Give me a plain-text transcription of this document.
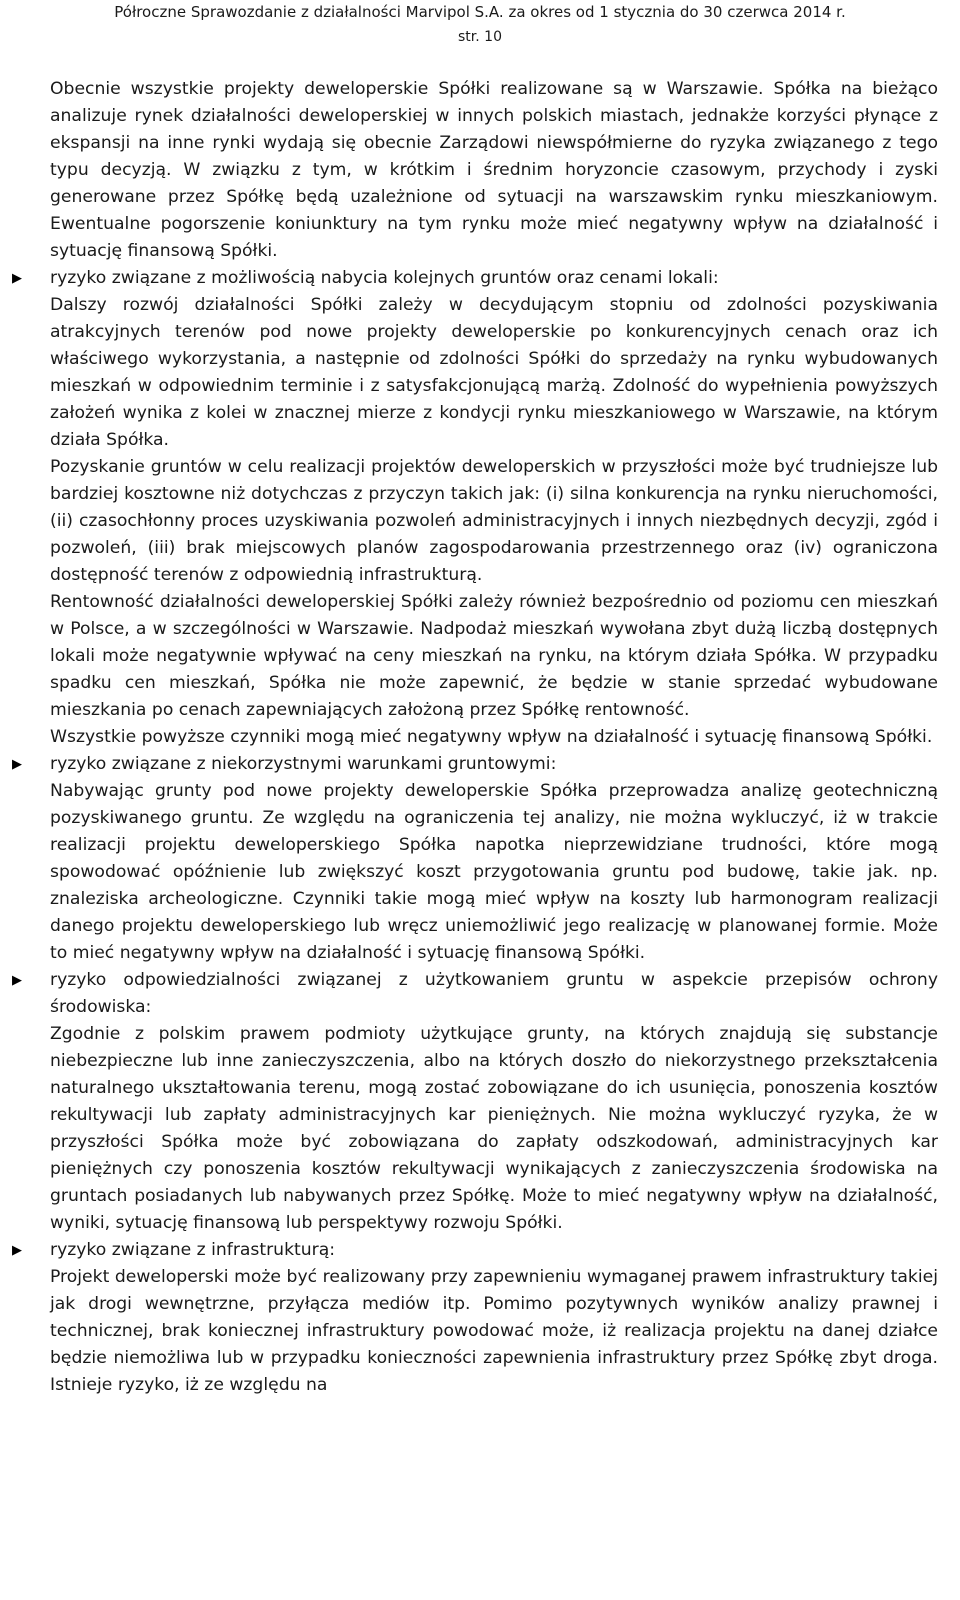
Półroczne Sprawozdanie z działalności Marvipol S.A. za okres od 1 stycznia do 30 czerwca 2014 r.
str. 10

Obecnie wszystkie projekty deweloperskie Spółki realizowane są w Warszawie. Spółka na bieżąco analizuje rynek działalności deweloperskiej w innych polskich miastach, jednakże korzyści płynące z ekspansji na inne rynki wydają się obecnie Zarządowi niewspółmierne do ryzyka związanego z tego typu decyzją. W związku z tym, w krótkim i średnim horyzoncie czasowym, przychody i zyski generowane przez Spółkę będą uzależnione od sytuacji na warszawskim rynku mieszkaniowym. Ewentualne pogorszenie koniunktury na tym rynku może mieć negatywny wpływ na działalność i sytuację finansową Spółki.

▶ ryzyko związane z możliwością nabycia kolejnych gruntów oraz cenami lokali:

Dalszy rozwój działalności Spółki zależy w decydującym stopniu od zdolności pozyskiwania atrakcyjnych terenów pod nowe projekty deweloperskie po konkurencyjnych cenach oraz ich właściwego wykorzystania, a następnie od zdolności Spółki do sprzedaży na rynku wybudowanych mieszkań w odpowiednim terminie i z satysfakcjonującą marżą. Zdolność do wypełnienia powyższych założeń wynika z kolei w znacznej mierze z kondycji rynku mieszkaniowego w Warszawie, na którym działa Spółka.

Pozyskanie gruntów w celu realizacji projektów deweloperskich w przyszłości może być trudniejsze lub bardziej kosztowne niż dotychczas z przyczyn takich jak: (i) silna konkurencja na rynku nieruchomości, (ii) czasochłonny proces uzyskiwania pozwoleń administracyjnych i innych niezbędnych decyzji, zgód i pozwoleń, (iii) brak miejscowych planów zagospodarowania przestrzennego oraz (iv) ograniczona dostępność terenów z odpowiednią infrastrukturą.

Rentowność działalności deweloperskiej Spółki zależy również bezpośrednio od poziomu cen mieszkań w Polsce, a w szczególności w Warszawie. Nadpodaż mieszkań wywołana zbyt dużą liczbą dostępnych lokali może negatywnie wpływać na ceny mieszkań na rynku, na którym działa Spółka. W przypadku spadku cen mieszkań, Spółka nie może zapewnić, że będzie w stanie sprzedać wybudowane mieszkania po cenach zapewniających założoną przez Spółkę rentowność.

Wszystkie powyższe czynniki mogą mieć negatywny wpływ na działalność i sytuację finansową Spółki.

▶ ryzyko związane z niekorzystnymi warunkami gruntowymi:

Nabywając grunty pod nowe projekty deweloperskie Spółka przeprowadza analizę geotechniczną pozyskiwanego gruntu. Ze względu na ograniczenia tej analizy, nie można wykluczyć, iż w trakcie realizacji projektu deweloperskiego Spółka napotka nieprzewidziane trudności, które mogą spowodować opóźnienie lub zwiększyć koszt przygotowania gruntu pod budowę, takie jak. np. znaleziska archeologiczne. Czynniki takie mogą mieć wpływ na koszty lub harmonogram realizacji danego projektu deweloperskiego lub wręcz uniemożliwić jego realizację w planowanej formie. Może to mieć negatywny wpływ na działalność i sytuację finansową Spółki.

▶ ryzyko odpowiedzialności związanej z użytkowaniem gruntu w aspekcie przepisów ochrony środowiska:

Zgodnie z polskim prawem podmioty użytkujące grunty, na których znajdują się substancje niebezpieczne lub inne zanieczyszczenia, albo na których doszło do niekorzystnego przekształcenia naturalnego ukształtowania terenu, mogą zostać zobowiązane do ich usunięcia, ponoszenia kosztów rekultywacji lub zapłaty administracyjnych kar pieniężnych. Nie można wykluczyć ryzyka, że w przyszłości Spółka może być zobowiązana do zapłaty odszkodowań, administracyjnych kar pieniężnych czy ponoszenia kosztów rekultywacji wynikających z zanieczyszczenia środowiska na gruntach posiadanych lub nabywanych przez Spółkę. Może to mieć negatywny wpływ na działalność, wyniki, sytuację finansową lub perspektywy rozwoju Spółki.

▶ ryzyko związane z infrastrukturą:

Projekt deweloperski może być realizowany przy zapewnieniu wymaganej prawem infrastruktury takiej jak drogi wewnętrzne, przyłącza mediów itp. Pomimo pozytywnych wyników analizy prawnej i technicznej, brak koniecznej infrastruktury powodować może, iż realizacja projektu na danej działce będzie niemożliwa lub w przypadku konieczności zapewnienia infrastruktury przez Spółkę zbyt droga. Istnieje ryzyko, iż ze względu na
